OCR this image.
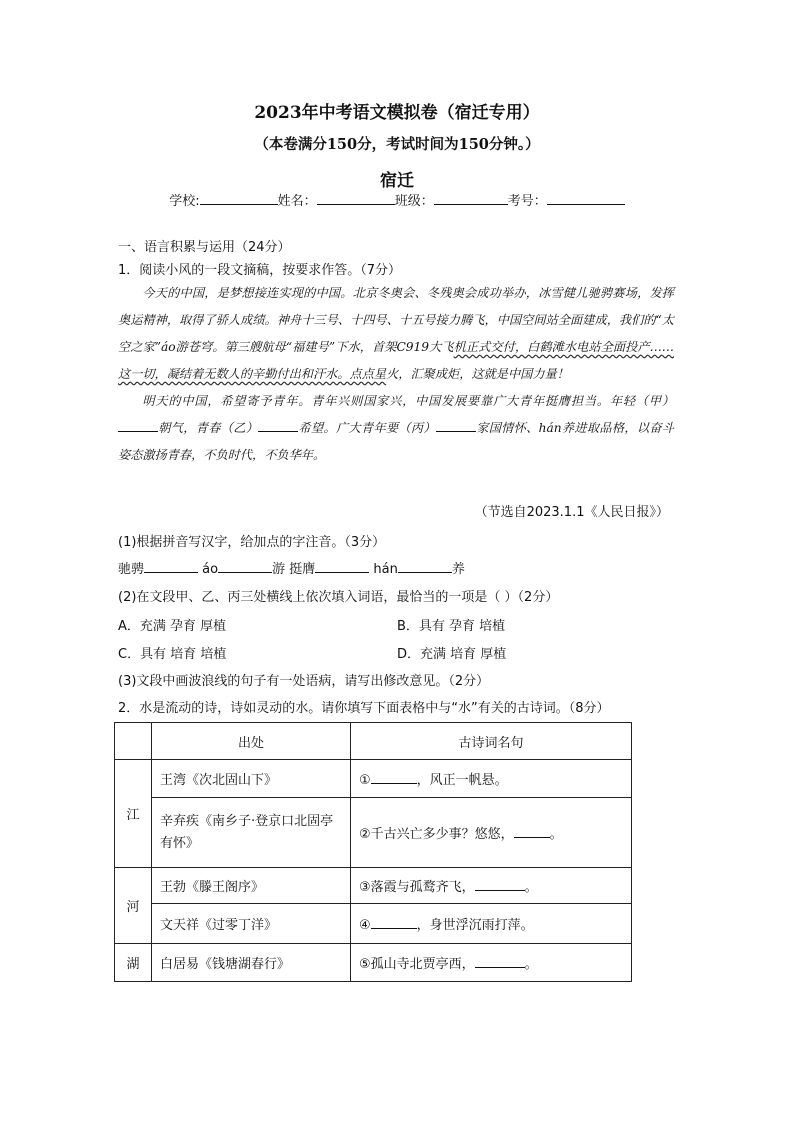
2023年中考语文模拟卷（宿迁专用）
（本卷满分150分，考试时间为150分钟。）
宿迁
学校:	姓名：	班级：	考号：
一、语言积累与运用（24分）
1．阅读小风的一段文摘稿，按要求作答。（7分）

今天的中国，是梦想接连实现的中国。北京冬奥会、冬残奥会成功举办，冰雪健儿驰骋赛场，发挥奥运精神，取得了骄人成绩。神舟十三号、十四号、十五号接力腾飞，中国空间站全面建成，我们的“太空之家”áo游苍穹。第三艘航母“福建号”下水，首架C919大飞机正式交付，白鹤滩水电站全面投产……这一切，凝结着无数人的辛勤付出和汗水。点点星火，汇聚成炬，这就是中国力量！

明天的中国，希望寄予青年。青年兴则国家兴，中国发展要靠广大青年挺膺担当。年轻（甲）朝气，青春（乙）	希望。广大青年要（丙）	家国情怀、hán养进取品格，以奋斗姿态激扬青春，不负时代，不负华年。

（节选自2023.1.1《人民日报》）
(1)根据拼音写汉字，给加点的字注音。（3分）
驰骋	áo	游 挺膺	hán	养
(2)在文段甲、乙、丙三处横线上依次填入词语，最恰当的一项是（ ）（2分）
A．充满 孕育 厚植	B．具有 孕育 培植
C．具有 培育 培植	D．充满 培育 厚植
(3)文段中画波浪线的句子有一处语病，请写出修改意见。（2分）
2．水是流动的诗，诗如灵动的水。请你填写下面表格中与“水”有关的古诗词。（8分）
	出处	古诗词名句
江	王湾《次北固山下》	① ，风正一帆悬。
	辛弃疾《南乡子·登京口北固亭有怀》	②千古兴亡多少事？悠悠， 。
河	王勃《滕王阁序》	③落霞与孤鹜齐飞， 。
	文天祥《过零丁洋》	④ ，身世浮沉雨打萍。
湖	白居易《钱塘湖春行》	⑤孤山寺北贾亭西， 。
